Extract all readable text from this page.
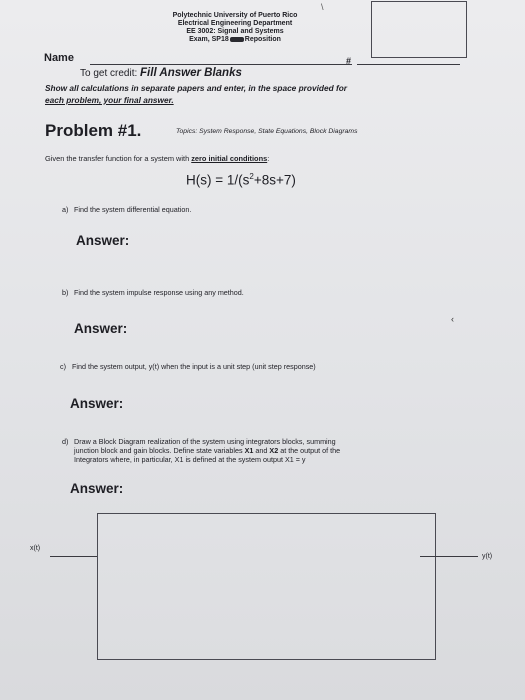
Polytechnic University of Puerto Rico
Electrical Engineering Department
EE 3002: Signal and Systems
Exam, SP18 Reposition
\
Name	#
To get credit: Fill Answer Blanks
Show all calculations in separate papers and enter, in the space provided for
each problem, your final answer.
Problem #1.	Topics: System Response, State Equations, Block Diagrams
Given the transfer function for a system with zero initial conditions:
$H(s) = 1/(s^2+8s+7)$
a) Find the system differential equation.
Answer:
b) Find the system impulse response using any method.
Answer:
‹
c) Find the system output, y(t) when the input is a unit step (unit step response)
Answer:
d) Draw a Block Diagram realization of the system using integrators blocks, summing
junction block and gain blocks. Define state variables X1 and X2 at the output of the
Integrators where, in particular, X1 is defined at the system output X1 = y
Answer:
x(t)
y(t)
